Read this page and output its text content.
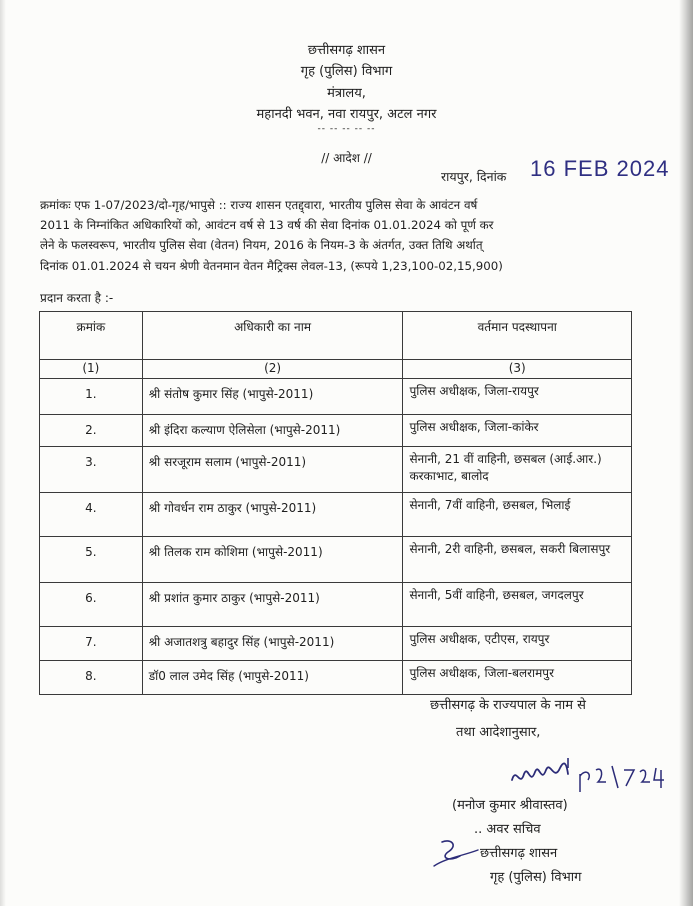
छत्तीसगढ़ शासन
गृह (पुलिस) विभाग
मंत्रालय,
महानदी भवन, नवा रायपुर, अटल नगर
-- -- -- -- --
// आदेश //
रायपुर, दिनांक 16 FEB 2024
क्रमांकः एफ 1-07/2023/दो-गृह/भापुसे :: राज्य शासन एतद्द्वारा, भारतीय पुलिस सेवा के आवंटन वर्ष
2011 के निम्नांकित अधिकारियों को, आवंटन वर्ष से 13 वर्ष की सेवा दिनांक 01.01.2024 को पूर्ण कर
लेने के फलस्वरूप, भारतीय पुलिस सेवा (वेतन) नियम, 2016 के नियम-3 के अंतर्गत, उक्त तिथि अर्थात्
दिनांक 01.01.2024 से चयन श्रेणी वेतनमान वेतन मैट्रिक्स लेवल-13, (रूपये 1,23,100-02,15,900)
प्रदान करता है :-
क्रमांक	अधिकारी का नाम	वर्तमान पदस्थापना
(1)	(2)	(3)
1.	श्री संतोष कुमार सिंह (भापुसे-2011)	पुलिस अधीक्षक, जिला-रायपुर
2.	श्री इंदिरा कल्याण ऐलिसेला (भापुसे-2011)	पुलिस अधीक्षक, जिला-कांकेर
3.	श्री सरजूराम सलाम (भापुसे-2011)	सेनानी, 21 वीं वाहिनी, छसबल (आई.आर.) करकाभाट, बालोद
4.	श्री गोवर्धन राम ठाकुर (भापुसे-2011)	सेनानी, 7वीं वाहिनी, छसबल, भिलाई
5.	श्री तिलक राम कोशिमा (भापुसे-2011)	सेनानी, 2री वाहिनी, छसबल, सकरी बिलासपुर
6.	श्री प्रशांत कुमार ठाकुर (भापुसे-2011)	सेनानी, 5वीं वाहिनी, छसबल, जगदलपुर
7.	श्री अजातशत्रु बहादुर सिंह (भापुसे-2011)	पुलिस अधीक्षक, एटीएस, रायपुर
8.	डॉ0 लाल उमेद सिंह (भापुसे-2011)	पुलिस अधीक्षक, जिला-बलरामपुर
छत्तीसगढ़ के राज्यपाल के नाम से
तथा आदेशानुसार,
(मनोज कुमार श्रीवास्तव)
.. अवर सचिव
छत्तीसगढ़ शासन
गृह (पुलिस) विभाग
